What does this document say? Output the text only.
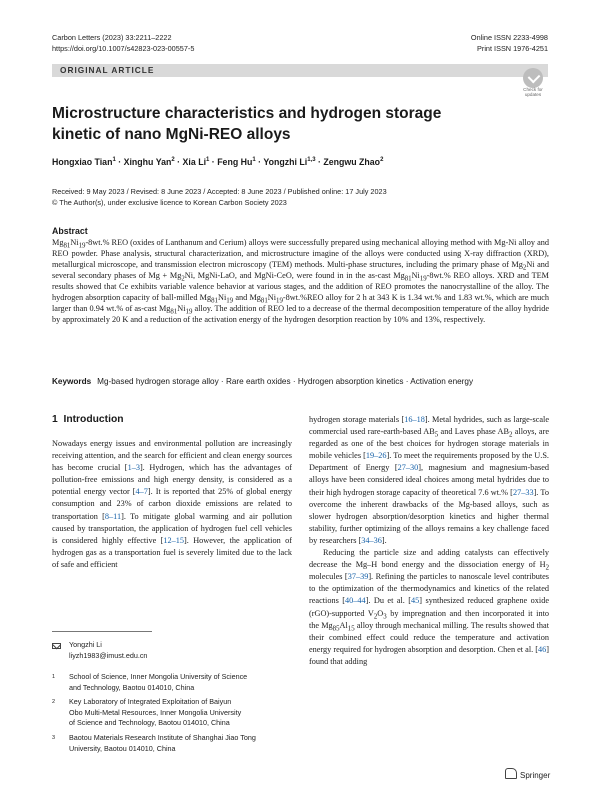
Carbon Letters (2023) 33:2211–2222
https://doi.org/10.1007/s42823-023-00557-5
Online ISSN 2233-4998
Print ISSN 1976-4251
ORIGINAL ARTICLE
Check for
updates
Microstructure characteristics and hydrogen storage kinetic of nano MgNi-REO alloys
Hongxiao Tian$^1$ · Xinghu Yan$^2$ · Xia $Li^1$ · Feng $Hu^1$ · Yongzhi Li$^{1,3}$ · Zengwu Zhao$^2$
Received: 9 May 2023 / Revised: 8 June 2023 / Accepted: 8 June 2023 / Published online: 17 July 2023
© The Author(s), under exclusive licence to Korean Carbon Society 2023
Abstract
$Mg_{81}Ni_{19}-8wt.\%$ REO (oxides of Lanthanum and Cerium) alloys were successfully prepared using mechanical alloying method with Mg-Ni alloy and REO powder. Phase analysis, structural characterization, and microstructure imagine of the alloys were conducted using X-ray diffraction (XRD), metallurgical microscope, and transmission electron microscopy (TEM) methods. Multi-phase structures, including the primary phase of $Mg_2Ni$ and several secondary phases of $Mg + Mg_2Ni$, MgNi-LaO, and MgNi-CeO, were found in in the as-cast $Mg_{81}Ni_{19}-8wt.\%$ REO alloys. XRD and TEM results showed that Ce exhibits variable valence behavior at various stages, and the addition of REO promotes the nanocrystalline of the alloy. The hydrogen absorption capacity of ball-milled $Mg_{81}Ni_{19}$ and $Mg_{81}Ni_{19}-8wt.\%REO$ alloy for 2 h at 343 K is 1.34 wt.% and 1.83 wt.%, which are much larger than 0.94 wt.% of as-cast $Mg_{81}Ni_{19}$ alloy. The addition of REO led to a decrease of the thermal decomposition temperature of the alloy hydride by approximately 20 K and a reduction of the activation energy of the hydrogen desorption reaction by 10% and 13%, respectively.
Keywords Mg-based hydrogen storage alloy · Rare earth oxides · Hydrogen absorption kinetics · Activation energy
1 Introduction
Nowadays energy issues and environmental pollution are increasingly receiving attention, and the search for efficient and clean energy sources has become crucial [1–3]. Hydrogen, which has the advantages of pollution-free emissions and high energy density, is considered as a potential energy vector [4–7]. It is reported that 25% of global energy consumption and 23% of carbon dioxide emissions are related to transportation [8–11]. To mitigate global warming and air pollution caused by transportation, the application of hydrogen fuel cell vehicles is considered highly effective [12–15]. However, the application of hydrogen gas as a transportation fuel is severely limited due to the lack of safe and efficient
hydrogen storage materials [16–18]. Metal hydrides, such as large-scale commercial used rare-earth-based $AB_5$ and Laves phase $AB_2$ alloys, are regarded as one of the best choices for hydrogen storage materials in mobile vehicles [19–26]. To meet the requirements proposed by the U.S. Department of Energy [27–30], magnesium and magnesium-based alloys have been considered ideal choices among metal hydrides due to their high hydrogen storage capacity of theoretical 7.6 wt.% [27–33]. To overcome the inherent drawbacks of the Mg-based alloys, such as slower hydrogen absorption/desorption kinetics and higher thermal stability, further optimizing of the alloys remains a key challenge faced by researchers [34–36].
Reducing the particle size and adding catalysts can effectively decrease the Mg–H bond energy and the dissociation energy of $H_2$ molecules [37–39]. Refining the particles to nanoscale level contributes to the optimization of the thermodynamics and kinetics of the related reactions [40–44]. Du et al. [45] synthesized reduced graphene oxide (rGO)-supported $V_2O_3$ by impregnation and then incorporated it into the $Mg_{85}Al_{15}$ alloy through mechanical milling. The results showed that their combined effect could reduce the temperature and activation energy required for hydrogen absorption and desorption. Chen et al. [46] found that adding
Yongzhi Li
liyzh1983@imust.edu.cn
1	School of Science, Inner Mongolia University of Science
and Technology, Baotou 014010, China
2	Key Laboratory of Integrated Exploitation of Baiyun
Obo Multi-Metal Resources, Inner Mongolia University
of Science and Technology, Baotou 014010, China
3	Baotou Materials Research Institute of Shanghai Jiao Tong
University, Baotou 014010, China
Springer
